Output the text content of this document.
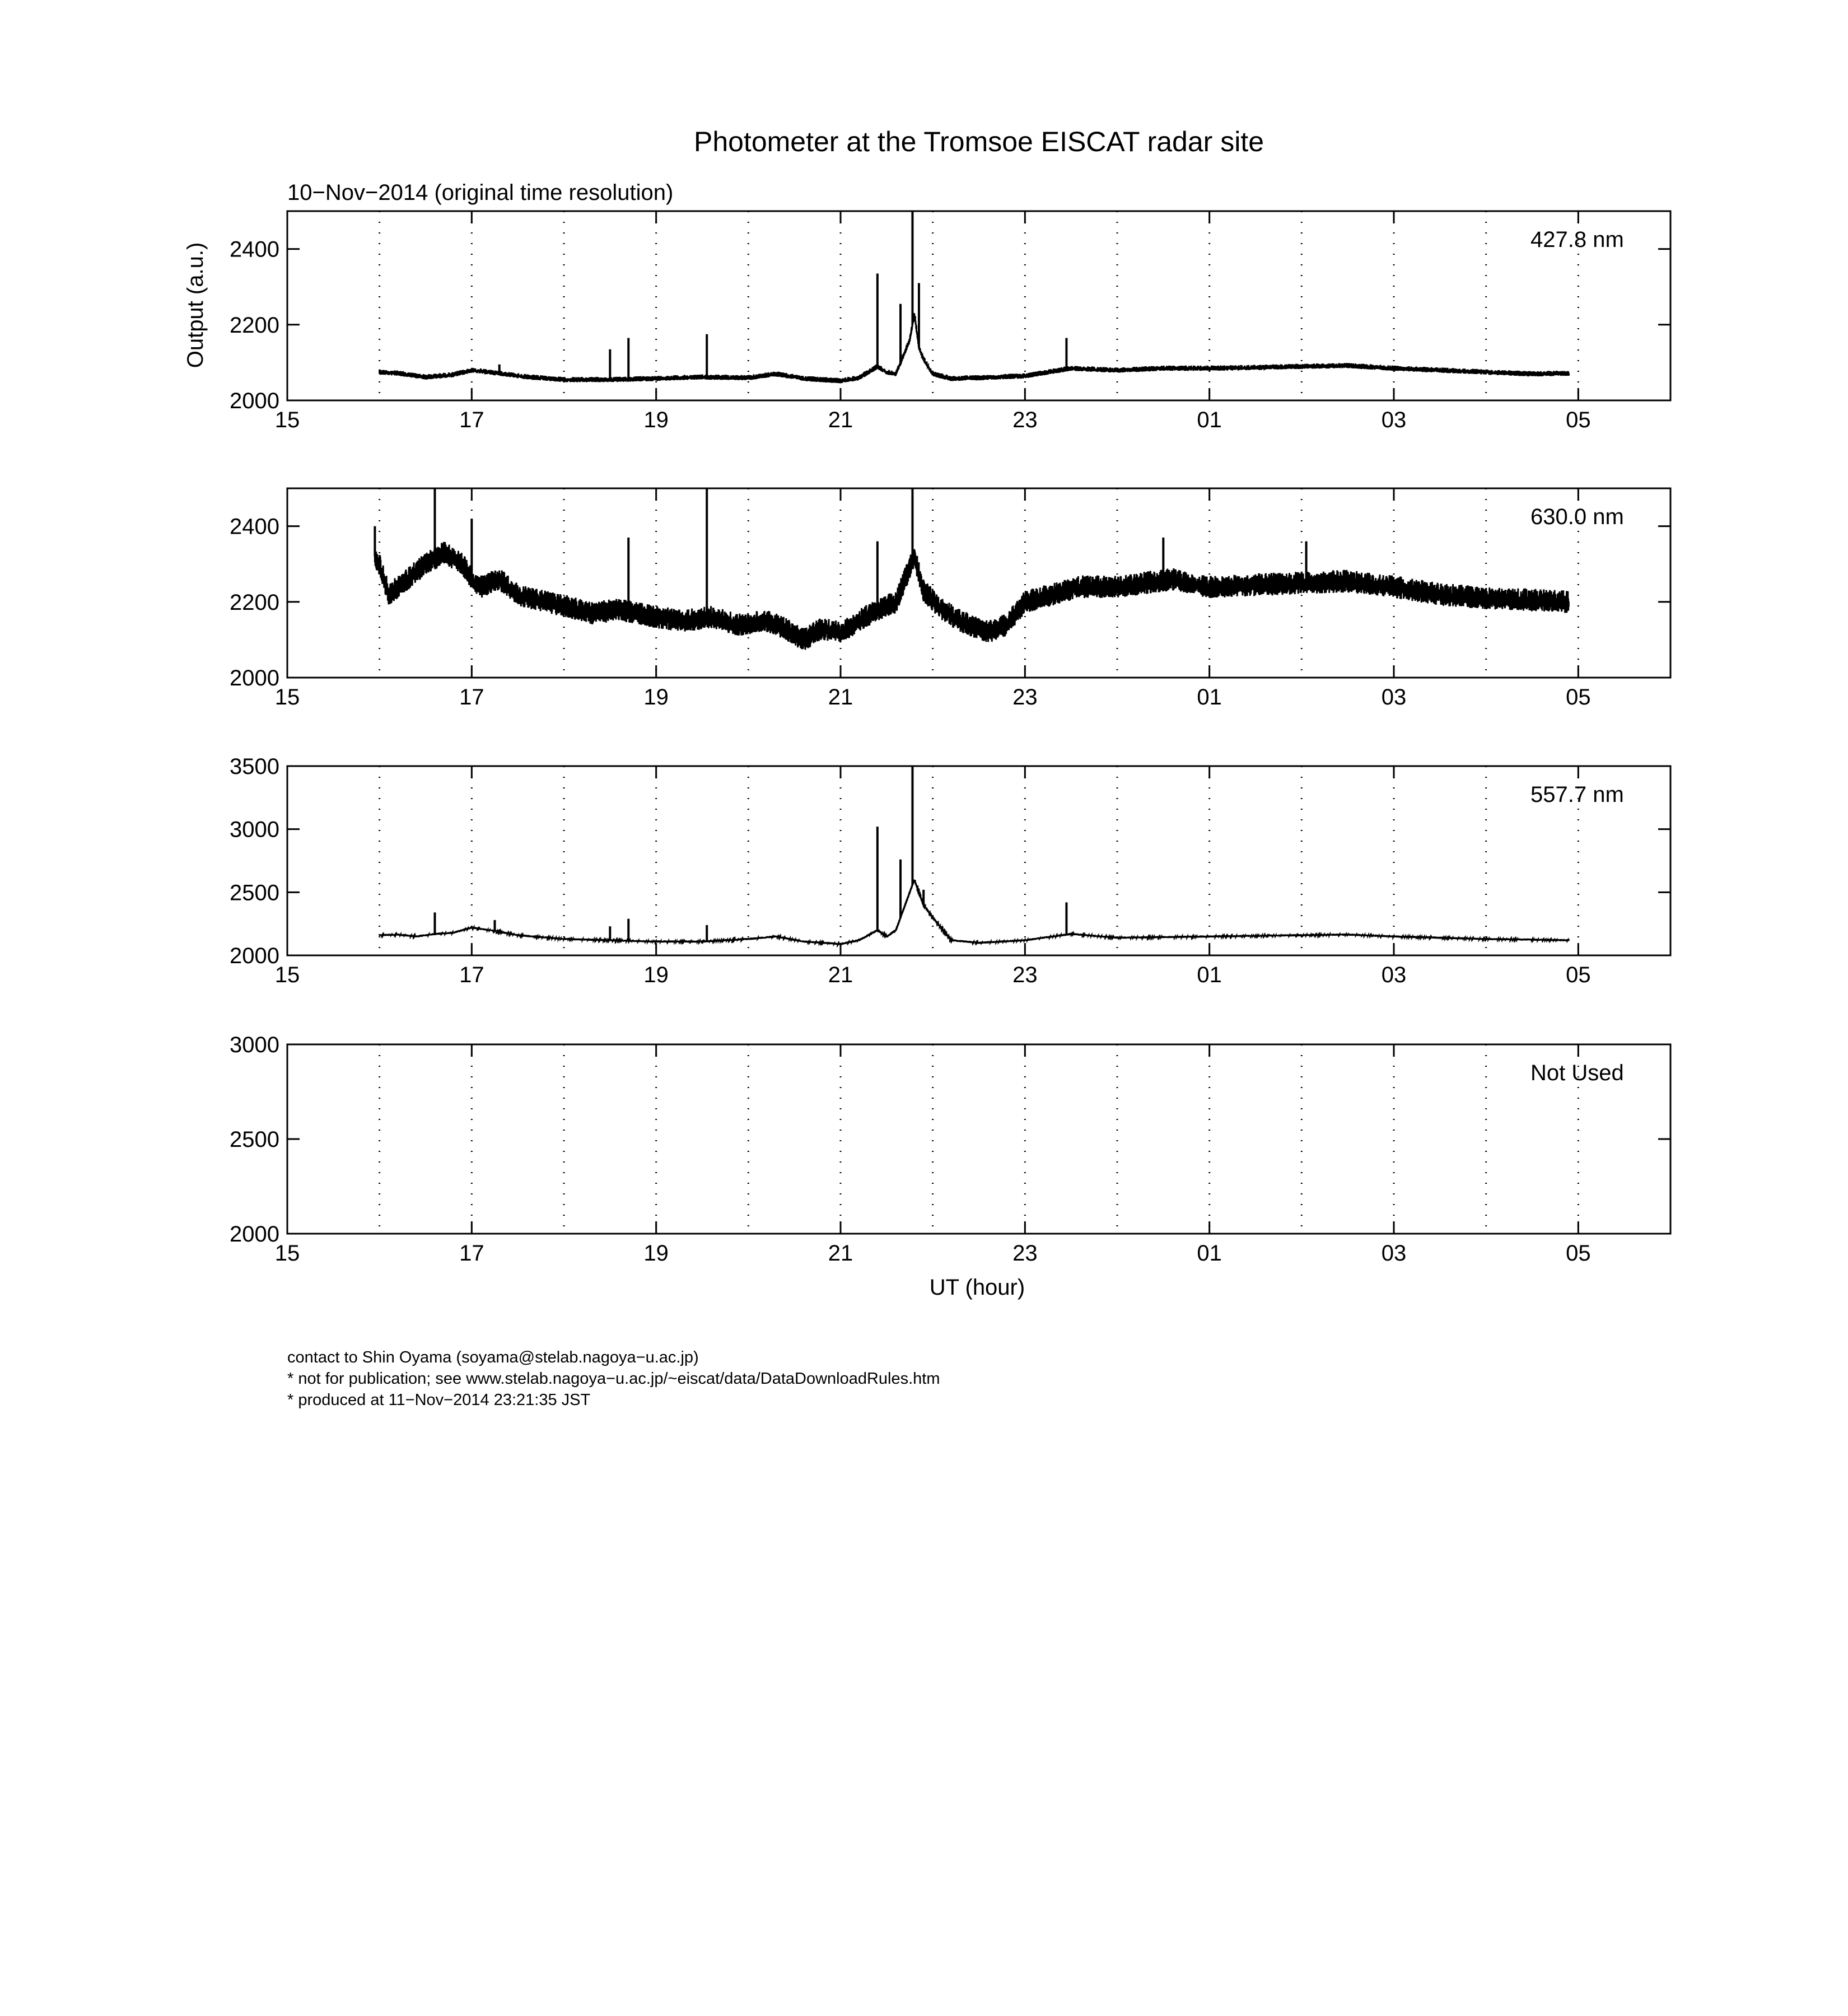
Photometer at the Tromsoe EISCAT radar site
10−Nov−2014 (original time resolution)
Output (a.u.)
UT (hour)
15	17	19	21	23	01	03	05
2000
2200
2400	427.8 nm
15	17	19	21	23	01	03	05
2000
2200
2400	630.0 nm
15	17	19	21	23	01	03	05
2000
2500
3000
3500
557.7 nm
15	17	19	21	23	01	03	05
2000
2500
3000
Not Used
contact to Shin Oyama (soyama@stelab.nagoya−u.ac.jp)
* not for publication; see www.stelab.nagoya−u.ac.jp/~eiscat/data/DataDownloadRules.htm
* produced at 11−Nov−2014 23:21:35 JST
